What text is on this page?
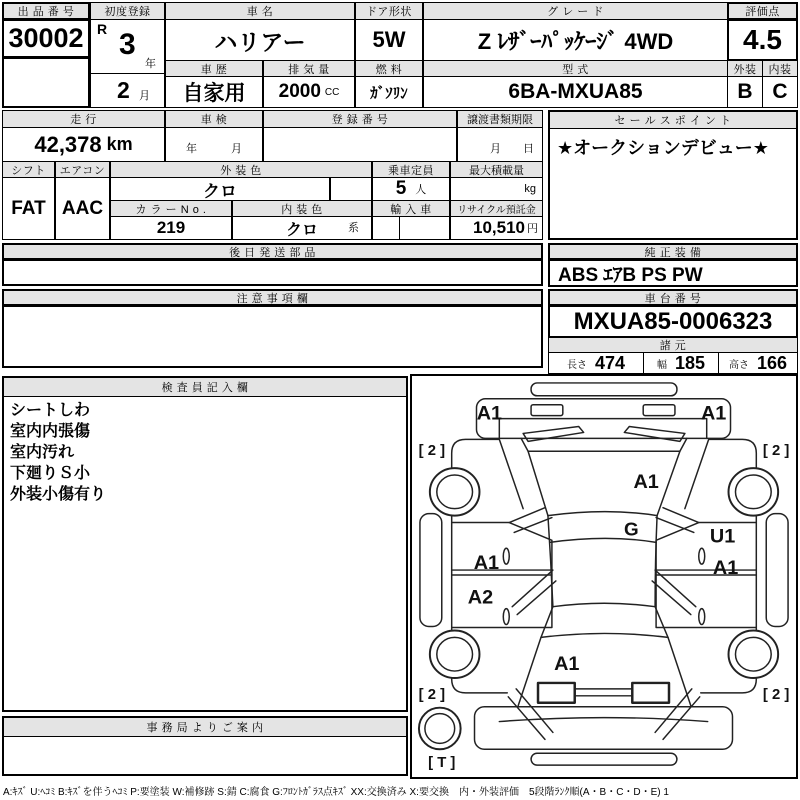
出 品 番 号
30002
初度登録
R 3
年
2 月
車 名
ハリアー
車 歴
自家用
排 気 量
2000 CC
ドア形状
5W
燃 料
ｶﾞｿﾘﾝ
グ レ ー ド
Z ﾚｻﾞｰﾊﾟｯｹｰｼﾞ 4WD
型 式
6BA-MXUA85
評価点
4.5
外装	内装
B C
走 行
42,378 km
車 検
年	月
登 録 番 号	譲渡書類期限
月 日
シフト	エアコン
FAT AAC
外 装 色
クロ
乗車定員
5 人
最大積載量
kg
カ ラ ー N o .
219
内 装 色
クロ	系
輸 入 車	リサイクル預託金
10,510 円
セ ー ル ス ポ イ ン ト
★オークションデビュー★
後 日 発 送 部 品	純 正 装 備
ABS ｴｱB PS PW
注 意 事 項 欄	車 台 番 号
MXUA85-0006323
諸 元
長さ 474	幅 185 高さ 166
検 査 員 記 入 欄
シートしわ
室内内張傷
室内汚れ
下廻りＳ小
外装小傷有り
事 務 局 よ り ご 案 内
A1	A1
[ 2 ]	[ 2 ]
A1
G
A1
U1
A1
A2
A1
[ 2 ]	[ 2 ]
[ T ]
A:ｷｽﾞ U:ﾍｺﾐ B:ｷｽﾞを伴うﾍｺﾐ P:要塗装 W:補修跡 S:錆 C:腐食 G:ﾌﾛﾝﾄｶﾞﾗｽ点ｷｽﾞ XX:交換済み X:要交換　内・外装評価　5段階ﾗﾝｸ順(A・B・C・D・E) 1
